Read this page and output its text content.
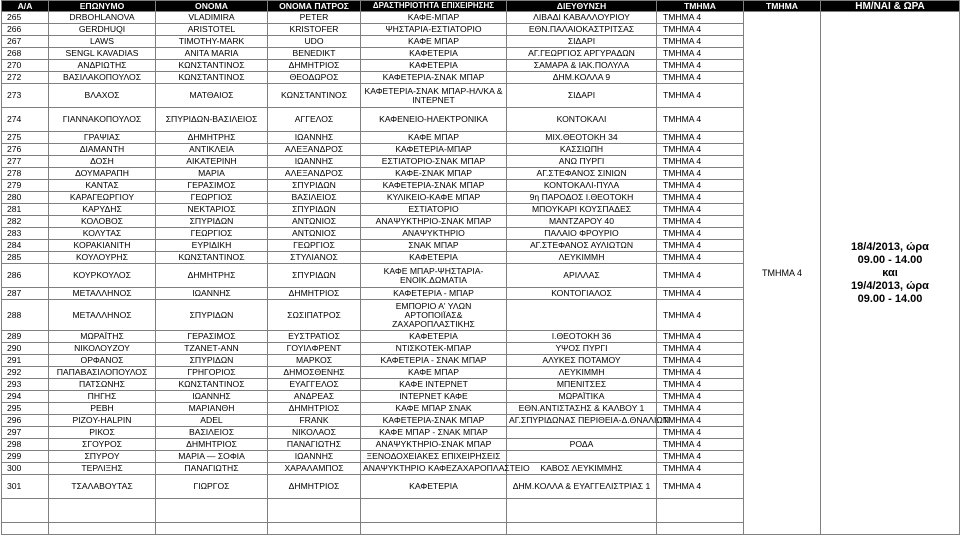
Α/Α	ΕΠΩΝΥΜΟ	ΟΝΟΜΑ	ΟΝΟΜΑ ΠΑΤΡΟΣ	ΔΡΑΣΤΗΡΙΟΤΗΤΑ ΕΠΙΧΕΙΡΗΣΗΣ	ΔΙΕΥΘΥΝΣΗ	ΤΜΗΜΑ	ΤΜΗΜΑ	ΗΜ/ΝΑΙ & ΩΡΑ
265	DRBOHLANOVA	VLADIMIRA	PETER	ΚΑΦΕ-ΜΠΑΡ	ΛΙΒΑΔΙ ΚΑΒΑΛΛΟΥΡΙΟΥ	ΤΜΗΜΑ 4	ΤΜΗΜΑ 4	18/4/2013, ώρα
09.00 - 14.00
και
19/4/2013, ώρα
09.00 - 14.00

266	GERDHUQI	ARISTOTEL	KRISTOFER	ΨΗΣΤΑΡΙΑ-ΕΣΤΙΑΤΟΡΙΟ	ΕΘΝ.ΠΑΛΑΙΟΚΑΣΤΡΙΤΣΑΣ	ΤΜΗΜΑ 4		
267	LAWS	TIMOTHY-MARK	UDO	ΚΑΦΕ ΜΠΑΡ	ΣΙΔΑΡΙ	ΤΜΗΜΑ 4		
268	SENGL KAVADIAS	ANITA MARIA	BENEDIKT	ΚΑΦΕΤΕΡΙΑ	ΑΓ.ΓΕΩΡΓΙΟΣ ΑΡΓΥΡΑΔΩΝ	ΤΜΗΜΑ 4		
270	ΑΝΔΡΙΩΤΗΣ	ΚΩΝΣΤΑΝΤΙΝΟΣ	ΔΗΜΗΤΡΙΟΣ	ΚΑΦΕΤΕΡΙΑ	ΣΑΜΑΡΑ & ΙΑΚ.ΠΟΛΥΛΑ	ΤΜΗΜΑ 4		
272	ΒΑΣΙΛΑΚΟΠΟΥΛΟΣ	ΚΩΝΣΤΑΝΤΙΝΟΣ	ΘΕΟΔΩΡΟΣ	ΚΑΦΕΤΕΡΙΑ-ΣΝΑΚ ΜΠΑΡ	ΔΗΜ.ΚΟΛΛΑ 9	ΤΜΗΜΑ 4		
273	ΒΛΑΧΟΣ	ΜΑΤΘΑΙΟΣ	ΚΩΝΣΤΑΝΤΙΝΟΣ	ΚΑΦΕΤΕΡΙΑ-ΣΝΑΚ ΜΠΑΡ-ΗΛ/ΚΑ & ΙΝΤΕΡΝΕΤ	ΣΙΔΑΡΙ	ΤΜΗΜΑ 4		
274	ΓΙΑΝΝΑΚΟΠΟΥΛΟΣ	ΣΠΥΡΙΔΩΝ-ΒΑΣΙΛΕΙΟΣ	ΑΓΓΕΛΟΣ	ΚΑΦΕΝΕΙΟ-ΗΛΕΚΤΡΟΝΙΚΑ	ΚΟΝΤΟΚΑΛΙ	ΤΜΗΜΑ 4		
275	ΓΡΑΨΙΑΣ	ΔΗΜΗΤΡΗΣ	ΙΩΑΝΝΗΣ	ΚΑΦΕ ΜΠΑΡ	ΜΙΧ.ΘΕΟΤΟΚΗ 34	ΤΜΗΜΑ 4		
276	ΔΙΑΜΑΝΤΗ	ΑΝΤΙΚΛΕΙΑ	ΑΛΕΞΑΝΔΡΟΣ	ΚΑΦΕΤΕΡΙΑ-ΜΠΑΡ	ΚΑΣΣΙΩΠΗ	ΤΜΗΜΑ 4		
277	ΔΟΣΗ	ΑΙΚΑΤΕΡΙΝΗ	ΙΩΑΝΝΗΣ	ΕΣΤΙΑΤΟΡΙΟ-ΣΝΑΚ ΜΠΑΡ	ΑΝΩ ΠΥΡΓΙ	ΤΜΗΜΑ 4		
278	ΔΟΥΜΑΡΑΠΗ	ΜΑΡΙΑ	ΑΛΕΞΑΝΔΡΟΣ	ΚΑΦΕ-ΣΝΑΚ ΜΠΑΡ	ΑΓ.ΣΤΕΦΑΝΟΣ ΣΙΝΙΩΝ	ΤΜΗΜΑ 4		
279	ΚΑΝΤΑΣ	ΓΕΡΑΣΙΜΟΣ	ΣΠΥΡΙΔΩΝ	ΚΑΦΕΤΕΡΙΑ-ΣΝΑΚ ΜΠΑΡ	ΚΟΝΤΟΚΑΛΙ-ΠΥΛΑ	ΤΜΗΜΑ 4		
280	ΚΑΡΑΓΕΩΡΓΙΟΥ	ΓΕΩΡΓΙΟΣ	ΒΑΣΙΛΕΙΟΣ	ΚΥΛΙΚΕΙΟ-ΚΑΦΕ ΜΠΑΡ	9η ΠΑΡΟΔΟΣ Ι.ΘΕΟΤΟΚΗ	ΤΜΗΜΑ 4		
281	ΚΑΡΥΔΗΣ	ΝΕΚΤΑΡΙΟΣ	ΣΠΥΡΙΔΩΝ	ΕΣΤΙΑΤΟΡΙΟ	ΜΠΟΥΚΑΡΙ ΚΟΥΣΠΑΔΕΣ	ΤΜΗΜΑ 4		
282	ΚΟΛΟΒΟΣ	ΣΠΥΡΙΔΩΝ	ΑΝΤΩΝΙΟΣ	ΑΝΑΨΥΚΤΗΡΙΟ-ΣΝΑΚ ΜΠΑΡ	ΜΑΝΤΖΑΡΟΥ 40	ΤΜΗΜΑ 4		
283	ΚΟΛΥΤΑΣ	ΓΕΩΡΓΙΟΣ	ΑΝΤΩΝΙΟΣ	ΑΝΑΨΥΚΤΗΡΙΟ	ΠΑΛΑΙΟ ΦΡΟΥΡΙΟ	ΤΜΗΜΑ 4		
284	ΚΟΡΑΚΙΑΝΙΤΗ	ΕΥΡΙΔΙΚΗ	ΓΕΩΡΓΙΟΣ	ΣΝΑΚ ΜΠΑΡ	ΑΓ.ΣΤΕΦΑΝΟΣ ΑΥΛΙΩΤΩΝ	ΤΜΗΜΑ 4		
285	ΚΟΥΛΟΥΡΗΣ	ΚΩΝΣΤΑΝΤΙΝΟΣ	ΣΤΥΛΙΑΝΟΣ	ΚΑΦΕΤΕΡΙΑ	ΛΕΥΚΙΜΜΗ	ΤΜΗΜΑ 4		
286	ΚΟΥΡΚΟΥΛΟΣ	ΔΗΜΗΤΡΗΣ	ΣΠΥΡΙΔΩΝ	ΚΑΦΕ ΜΠΑΡ-ΨΗΣΤΑΡΙΑ-ΕΝΟΙΚ.ΔΩΜΑΤΙΑ	ΑΡΙΛΛΑΣ	ΤΜΗΜΑ 4		
287	ΜΕΤΑΛΛΗΝΟΣ	ΙΩΑΝΝΗΣ	ΔΗΜΗΤΡΙΟΣ	ΚΑΦΕΤΕΡΙΑ - ΜΠΑΡ	ΚΟΝΤΟΓΙΑΛΟΣ	ΤΜΗΜΑ 4		
288	ΜΕΤΑΛΛΗΝΟΣ	ΣΠΥΡΙΔΩΝ	ΣΩΣΙΠΑΤΡΟΣ	ΕΜΠΟΡΙΟ Α' ΥΛΩΝ
ΑΡΤΟΠΟΙΪΑΣ&
ΖΑΧΑΡΟΠΛΑΣΤΙΚΗΣ		ΤΜΗΜΑ 4		
289	ΜΩΡΑΪΤΗΣ	ΓΕΡΑΣΙΜΟΣ	ΕΥΣΤΡΑΤΙΟΣ	ΚΑΦΕΤΕΡΙΑ	Ι.ΘΕΟΤΟΚΗ 36	ΤΜΗΜΑ 4		
290	ΝΙΚΟΛΟΥΖΟΥ	ΤΖΑΝΕΤ-ΑΝΝ	ΓΟΥΙΛΦΡΕΝΤ	ΝΤΙΣΚΟΤΕΚ-ΜΠΑΡ	ΥΨΟΣ ΠΥΡΓΙ	ΤΜΗΜΑ 4		
291	ΟΡΦΑΝΟΣ	ΣΠΥΡΙΔΩΝ	ΜΑΡΚΟΣ	ΚΑΦΕΤΕΡΙΑ - ΣΝΑΚ ΜΠΑΡ	ΑΛΥΚΕΣ ΠΟΤΑΜΟΥ	ΤΜΗΜΑ 4		
292	ΠΑΠΑΒΑΣΙΛΟΠΟΥΛΟΣ	ΓΡΗΓΟΡΙΟΣ	ΔΗΜΟΣΘΕΝΗΣ	ΚΑΦΕ ΜΠΑΡ	ΛΕΥΚΙΜΜΗ	ΤΜΗΜΑ 4		
293	ΠΑΤΣΩΝΗΣ	ΚΩΝΣΤΑΝΤΙΝΟΣ	ΕΥΑΓΓΕΛΟΣ	ΚΑΦΕ ΙΝΤΕΡΝΕΤ	ΜΠΕΝΙΤΣΕΣ	ΤΜΗΜΑ 4		
294	ΠΗΓΗΣ	ΙΩΑΝΝΗΣ	ΑΝΔΡΕΑΣ	ΙΝΤΕΡΝΕΤ ΚΑΦΕ	ΜΩΡΑΪΤΙΚΑ	ΤΜΗΜΑ 4		
295	ΡΕΒΗ	ΜΑΡΙΑΝΘΗ	ΔΗΜΗΤΡΙΟΣ	ΚΑΦΕ ΜΠΑΡ ΣΝΑΚ	ΕΘΝ.ΑΝΤΙΣΤΑΣΗΣ & ΚΑΛΒΟΥ 1	ΤΜΗΜΑ 4		
296	PIZOY-HALPIN	ADEL	FRANK	ΚΑΦΕΤΕΡΙΑ-ΣΝΑΚ ΜΠΑΡ	ΑΓ.ΣΠΥΡΙΔΩΝΑΣ ΠΕΡΙΘΕΙΑ-Δ.ΘΝΑΛΙΩΝ	ΤΜΗΜΑ 4		
297	ΡΙΚΟΣ	ΒΑΣΙΛΕΙΟΣ	ΝΙΚΟΛΑΟΣ	ΚΑΦΕ ΜΠΑΡ - ΣΝΑΚ ΜΠΑΡ		ΤΜΗΜΑ 4		
298	ΣΓΟΥΡΟΣ	ΔΗΜΗΤΡΙΟΣ	ΠΑΝΑΓΙΩΤΗΣ	ΑΝΑΨΥΚΤΗΡΙΟ-ΣΝΑΚ ΜΠΑΡ	ΡΟΔΑ	ΤΜΗΜΑ 4		
299	ΣΠΥΡΟΥ	ΜΑΡΙΑ — ΣΟΦΙΑ	ΙΩΑΝΝΗΣ	ΞΕΝΟΔΟΧΕΙΑΚΕΣ ΕΠΙΧΕΙΡΗΣΕΙΣ		ΤΜΗΜΑ 4		
300	ΤΕΡΛΙΞΗΣ	ΠΑΝΑΓΙΩΤΗΣ	ΧΑΡΑΛΑΜΠΟΣ	ΑΝΑΨΥΚΤΗΡΙΟ ΚΑΦΕΖΑΧΑΡΟΠΛΑΣΤΕΙΟ	ΚΑΒΟΣ ΛΕΥΚΙΜΜΗΣ	ΤΜΗΜΑ 4		
301	ΤΣΑΛΑΒΟΥΤΑΣ	ΓΙΩΡΓΟΣ	ΔΗΜΗΤΡΙΟΣ	ΚΑΦΕΤΕΡΙΑ	ΔΗΜ.ΚΟΛΛΑ & ΕΥΑΓΓΕΛΙΣΤΡΙΑΣ 1	ΤΜΗΜΑ 4		
